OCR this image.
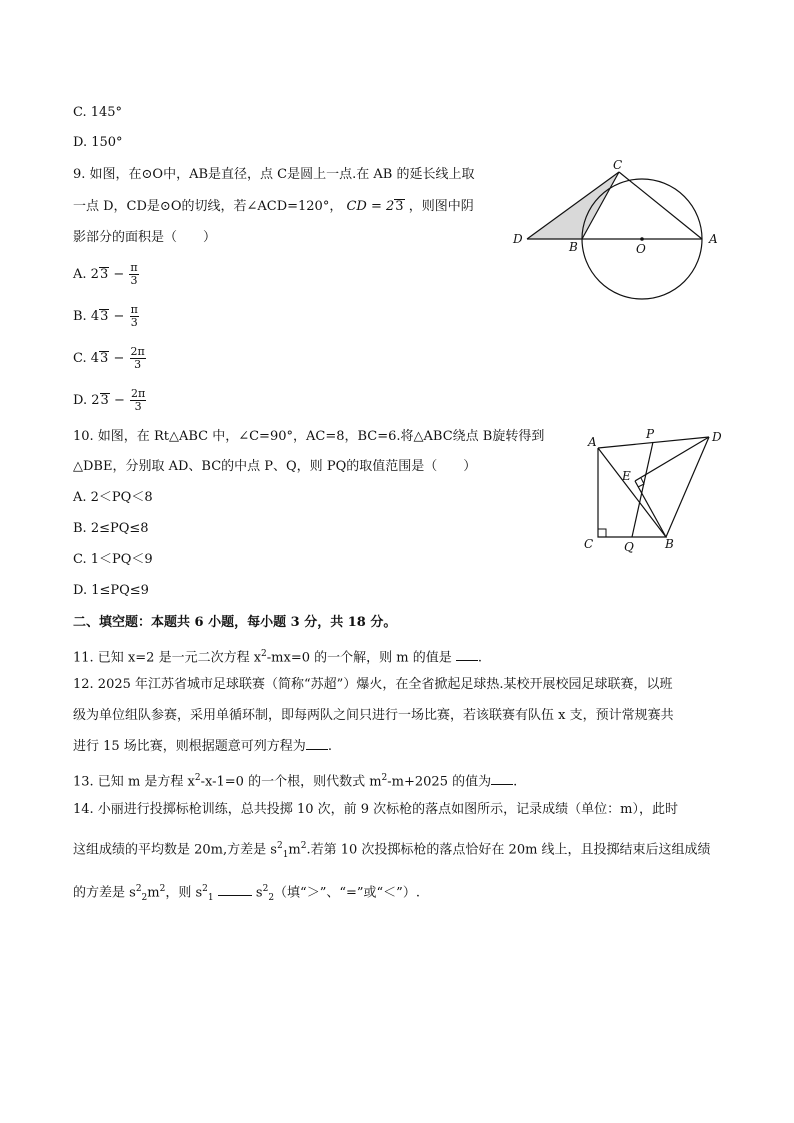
C. 145°
D. 150°
9. 如图，在⊙O中，AB是直径，点 C是圆上一点.在 AB 的延长线上取
一点 D，CD是⊙O的切线，若∠ACD=120°， CD = 23 ，则图中阴
影部分的面积是（　　）
A. $23 - \frac{\pi}{3}$
B. $43 - \frac{\pi}{3}$
C. $43 - \frac{2\pi}{3}$
D. $23 - \frac{2\pi}{3}$
C
D
B	O
A
10. 如图，在 Rt△ABC 中，∠C=90°，AC=8，BC=6.将△ABC绕点 B旋转得到
△DBE，分别取 AD、BC的中点 P、Q，则 PQ的取值范围是（　　）
A. 2＜PQ＜8
B. 2≤PQ≤8
C. 1＜PQ＜9
D. 1≤PQ≤9
A
P	D
E
C	Q	B
二、填空题：本题共 6 小题，每小题 3 分，共 18 分。
11. 已知 x=2 是一元二次方程 $x^2-mx=0$ 的一个解，则 m 的值是 .
12. 2025 年江苏省城市足球联赛（简称“苏超”）爆火，在全省掀起足球热.某校开展校园足球联赛，以班
级为单位组队参赛，采用单循环制，即每两队之间只进行一场比赛，若该联赛有队伍 x 支，预计常规赛共
进行 15 场比赛，则根据题意可列方程为 .
13. 已知 m 是方程 $x^2-x-1=0$ 的一个根，则代数式 $m^2-m+2025$ 的值为 .
14. 小丽进行投掷标枪训练，总共投掷 10 次，前 9 次标枪的落点如图所示，记录成绩（单位：m），此时
这组成绩的平均数是 20m,方差是 $s^2_1m^2$.若第 10 次投掷标枪的落点恰好在 20m 线上，且投掷结束后这组成绩
的方差是 $s^2_2m^2$，则 $s^2_1$	$s^2_2$（填“＞”、“=”或“＜”）.
